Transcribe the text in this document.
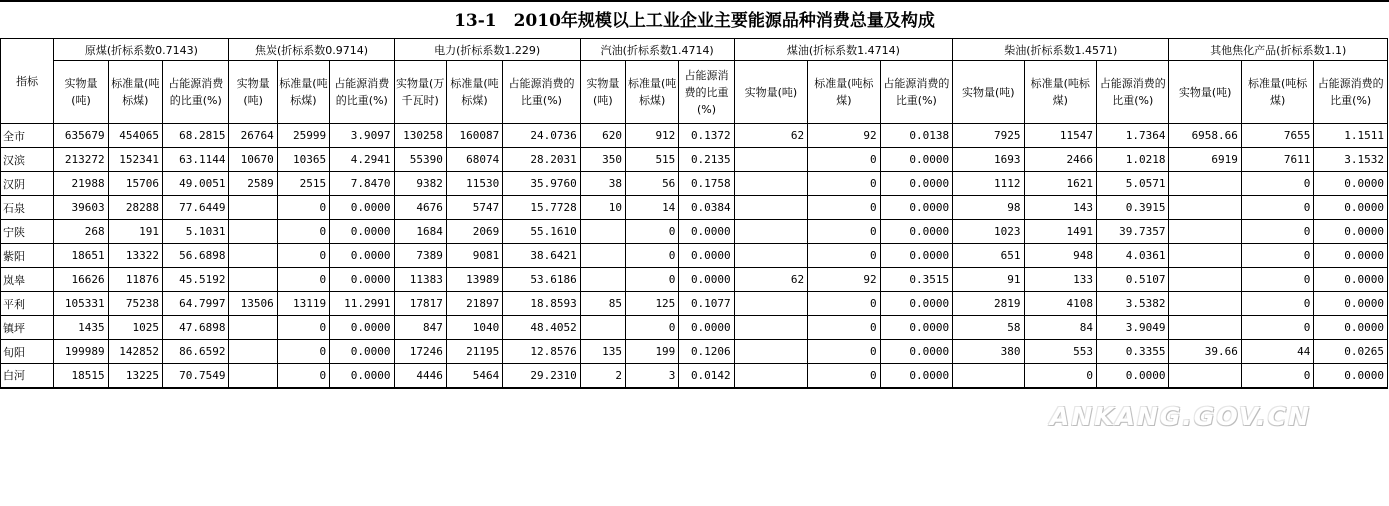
13-1　2010年规模以上工业企业主要能源品种消费总量及构成
指标	原煤(折标系数0.7143)			焦炭(折标系数0.9714)			电力(折标系数1.229)			汽油(折标系数1.4714)			煤油(折标系数1.4714)			柴油(折标系数1.4571)			其他焦化产品(折标系数1.1)		
	实物量(吨)	标准量(吨标煤)	占能源消费的比重(%)	实物量(吨)	标准量(吨标煤)	占能源消费的比重(%)	实物量(万千瓦时)	标准量(吨标煤)	占能源消费的比重(%)	实物量(吨)	标准量(吨标煤)	占能源消费的比重(%)	实物量(吨)	标准量(吨标煤)	占能源消费的比重(%)	实物量(吨)	标准量(吨标煤)	占能源消费的比重(%)	实物量(吨)	标准量(吨标煤)	占能源消费的比重(%)
全市	635679	454065	68.2815	26764	25999	3.9097	130258	160087	24.0736	620	912	0.1372	62	92	0.0138	7925	11547	1.7364	6958.66	7655	1.1511
汉滨	213272	152341	63.1144	10670	10365	4.2941	55390	68074	28.2031	350	515	0.2135		0	0.0000	1693	2466	1.0218	6919	7611	3.1532
汉阴	21988	15706	49.0051	2589	2515	7.8470	9382	11530	35.9760	38	56	0.1758		0	0.0000	1112	1621	5.0571		0	0.0000
石泉	39603	28288	77.6449		0	0.0000	4676	5747	15.7728	10	14	0.0384		0	0.0000	98	143	0.3915		0	0.0000
宁陕	268	191	5.1031		0	0.0000	1684	2069	55.1610		0	0.0000		0	0.0000	1023	1491	39.7357		0	0.0000
紫阳	18651	13322	56.6898		0	0.0000	7389	9081	38.6421		0	0.0000		0	0.0000	651	948	4.0361		0	0.0000
岚皋	16626	11876	45.5192		0	0.0000	11383	13989	53.6186		0	0.0000	62	92	0.3515	91	133	0.5107		0	0.0000
平利	105331	75238	64.7997	13506	13119	11.2991	17817	21897	18.8593	85	125	0.1077		0	0.0000	2819	4108	3.5382		0	0.0000
镇坪	1435	1025	47.6898		0	0.0000	847	1040	48.4052		0	0.0000		0	0.0000	58	84	3.9049		0	0.0000
旬阳	199989	142852	86.6592		0	0.0000	17246	21195	12.8576	135	199	0.1206		0	0.0000	380	553	0.3355	39.66	44	0.0265
白河	18515	13225	70.7549		0	0.0000	4446	5464	29.2310	2	3	0.0142		0	0.0000		0	0.0000		0	0.0000
ANKANG.GOV.CN
